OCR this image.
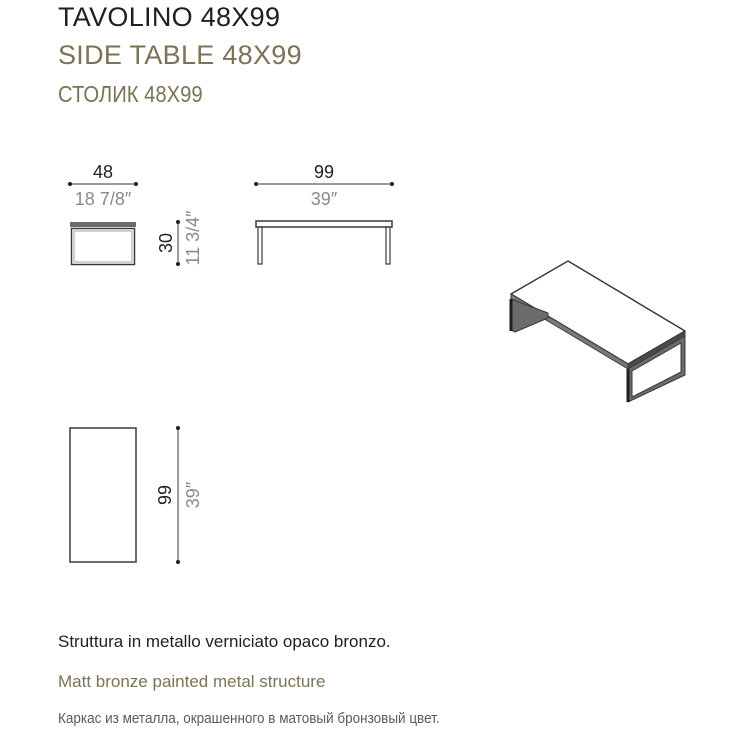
TAVOLINO 48X99
SIDE TABLE 48X99
СТОЛИК 48X99
48
18 7/8″
30 11 3/4″
99
39″
99 39″

Struttura in metallo verniciato opaco bronzo.

Matt bronze painted metal structure

Каркас из металла, окрашенного в матовый бронзовый цвет.
